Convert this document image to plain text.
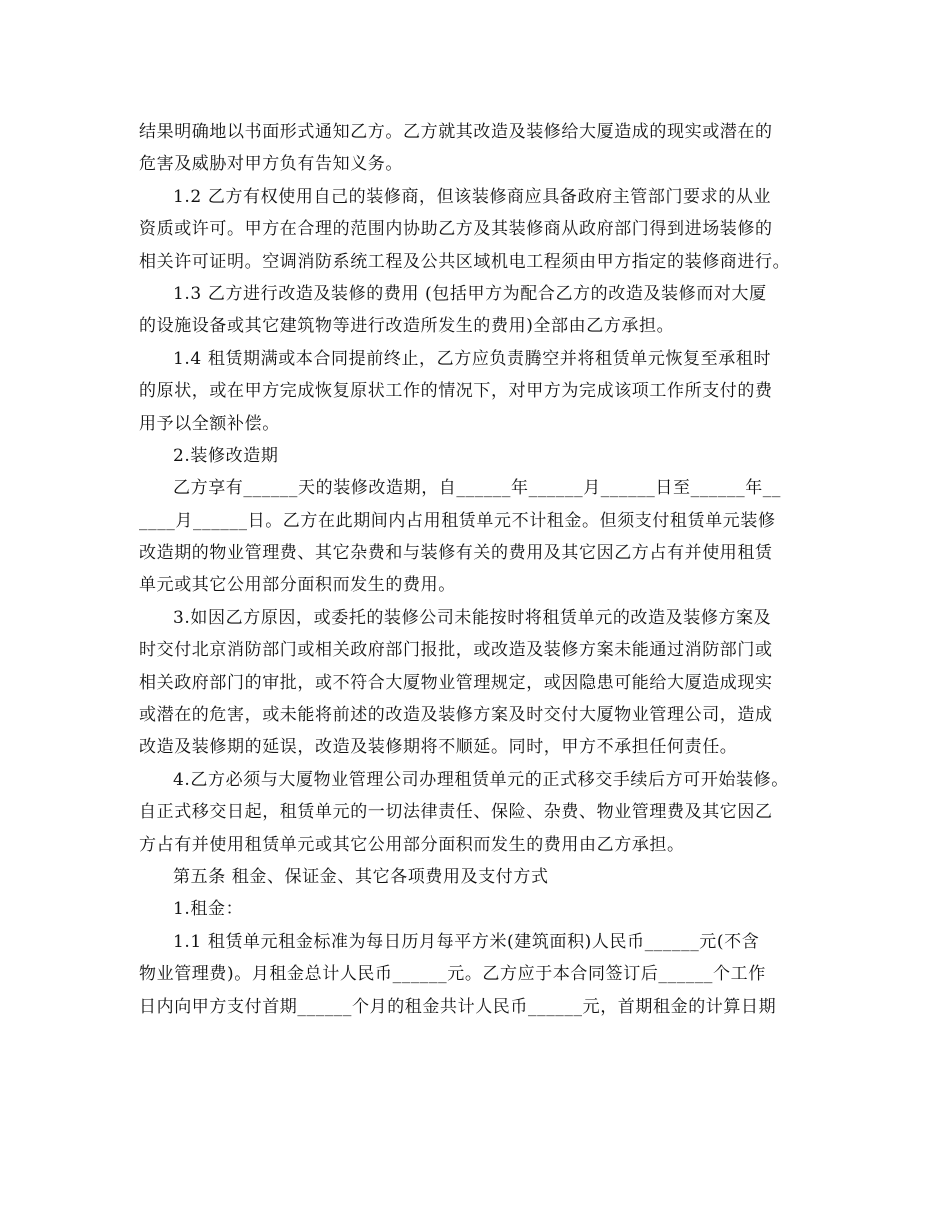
结果明确地以书面形式通知乙方。乙方就其改造及装修给大厦造成的现实或潜在的
危害及威胁对甲方负有告知义务。
1.2 乙方有权使用自己的装修商，但该装修商应具备政府主管部门要求的从业
资质或许可。甲方在合理的范围内协助乙方及其装修商从政府部门得到进场装修的
相关许可证明。空调消防系统工程及公共区域机电工程须由甲方指定的装修商进行。
1.3 乙方进行改造及装修的费用 (包括甲方为配合乙方的改造及装修而对大厦
的设施设备或其它建筑物等进行改造所发生的费用)全部由乙方承担。
1.4 租赁期满或本合同提前终止，乙方应负责腾空并将租赁单元恢复至承租时
的原状，或在甲方完成恢复原状工作的情况下，对甲方为完成该项工作所支付的费
用予以全额补偿。
2.装修改造期
乙方享有______天的装修改造期，自______年______月______日至______年__
____月______日。乙方在此期间内占用租赁单元不计租金。但须支付租赁单元装修
改造期的物业管理费、其它杂费和与装修有关的费用及其它因乙方占有并使用租赁
单元或其它公用部分面积而发生的费用。
3.如因乙方原因，或委托的装修公司未能按时将租赁单元的改造及装修方案及
时交付北京消防部门或相关政府部门报批，或改造及装修方案未能通过消防部门或
相关政府部门的审批，或不符合大厦物业管理规定，或因隐患可能给大厦造成现实
或潜在的危害，或未能将前述的改造及装修方案及时交付大厦物业管理公司，造成
改造及装修期的延误，改造及装修期将不顺延。同时，甲方不承担任何责任。
4.乙方必须与大厦物业管理公司办理租赁单元的正式移交手续后方可开始装修。
自正式移交日起，租赁单元的一切法律责任、保险、杂费、物业管理费及其它因乙
方占有并使用租赁单元或其它公用部分面积而发生的费用由乙方承担。
第五条 租金、保证金、其它各项费用及支付方式
1.租金：
1.1 租赁单元租金标准为每日历月每平方米(建筑面积)人民币______元(不含
物业管理费)。月租金总计人民币______元。乙方应于本合同签订后______个工作
日内向甲方支付首期______个月的租金共计人民币______元，首期租金的计算日期
